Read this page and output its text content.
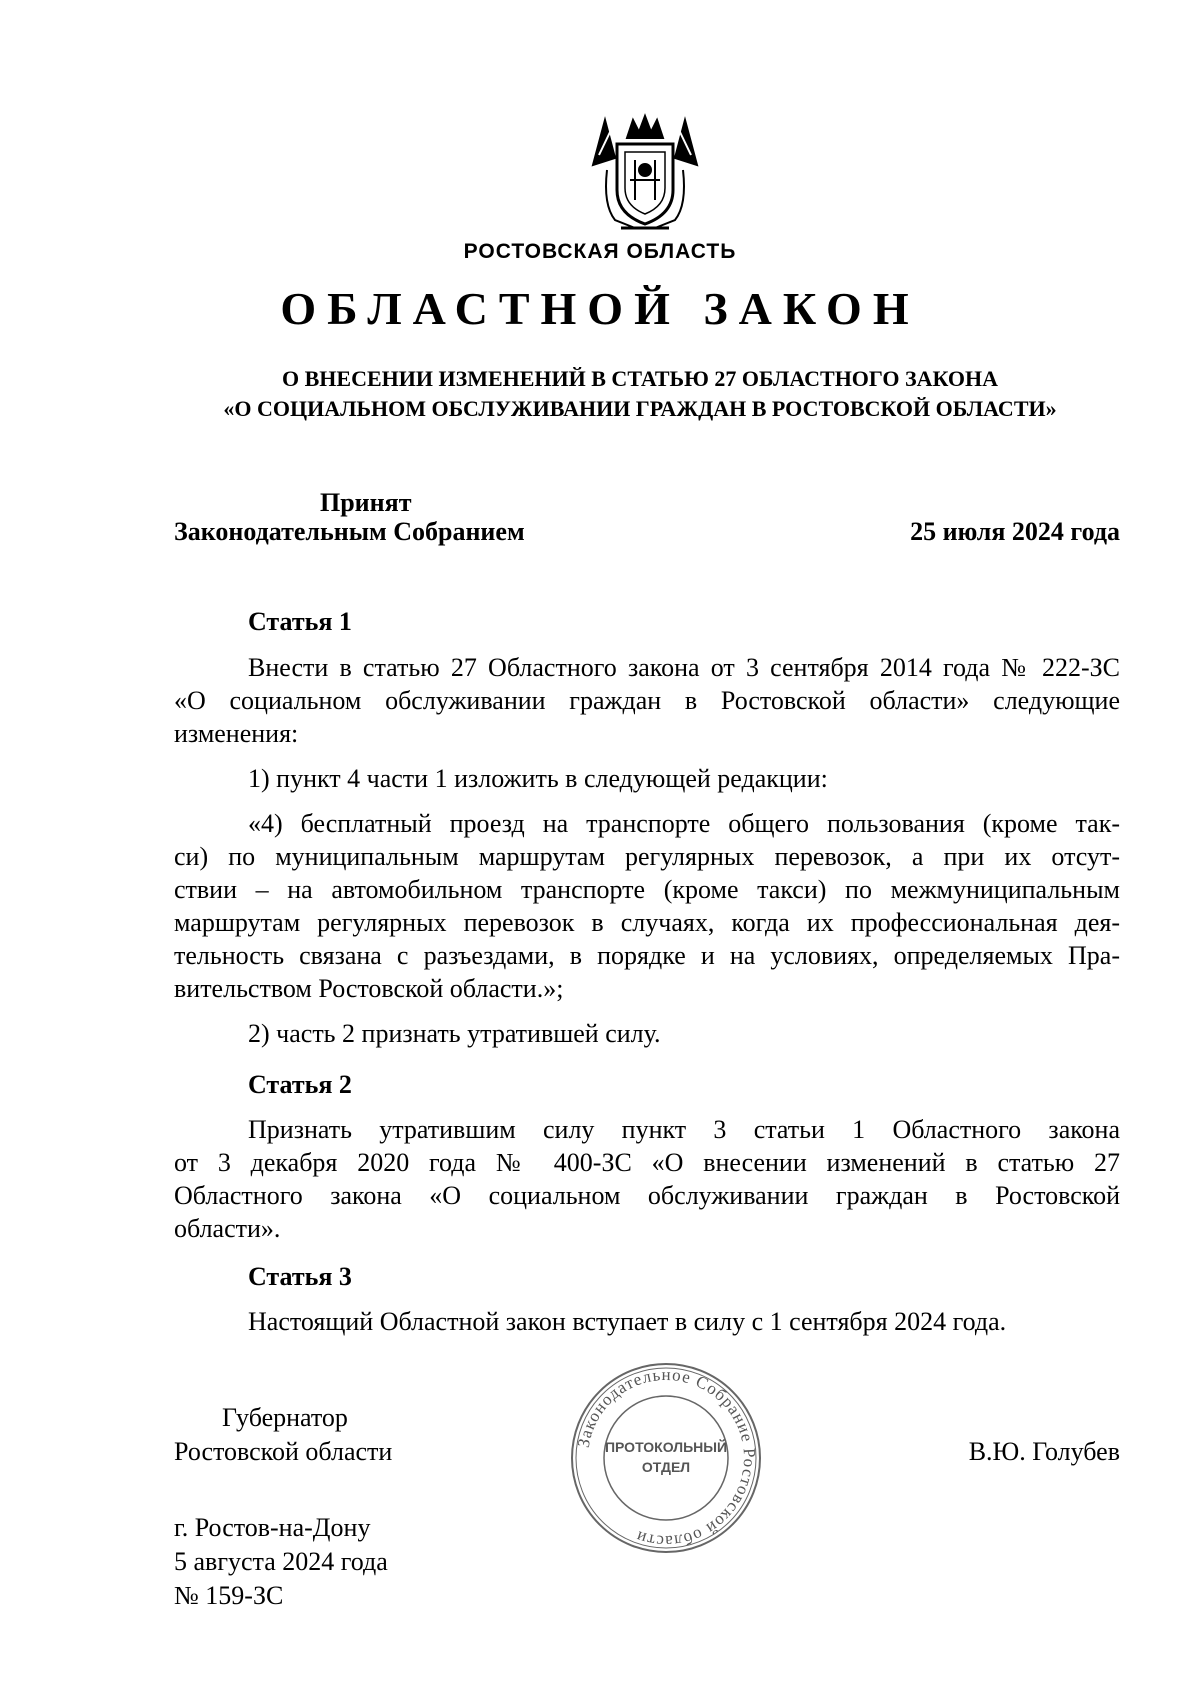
РОСТОВСКАЯ ОБЛАСТЬ
ОБЛАСТНОЙ ЗАКОН
О ВНЕСЕНИИ ИЗМЕНЕНИЙ В СТАТЬЮ 27 ОБЛАСТНОГО ЗАКОНА
«О СОЦИАЛЬНОМ ОБСЛУЖИВАНИИ ГРАЖДАН В РОСТОВСКОЙ ОБЛАСТИ»
Принят
Законодательным Собранием	25 июля 2024 года
Статья 1
Внести в статью 27 Областного закона от 3 сентября 2014 года № 222-ЗС
«О социальном обслуживании граждан в Ростовской области» следующие
изменения:
1) пункт 4 части 1 изложить в следующей редакции:
«4) бесплатный проезд на транспорте общего пользования (кроме так-
си) по муниципальным маршрутам регулярных перевозок, а при их отсут-
ствии – на автомобильном транспорте (кроме такси) по межмуниципальным
маршрутам регулярных перевозок в случаях, когда их профессиональная дея-
тельность связана с разъездами, в порядке и на условиях, определяемых Пра-
вительством Ростовской области.»;
2) часть 2 признать утратившей силу.
Статья 2
Признать утратившим силу пункт 3 статьи 1 Областного закона
от 3 декабря 2020 года № 400-ЗС «О внесении изменений в статью 27
Областного закона «О социальном обслуживании граждан в Ростовской
области».
Статья 3
Настоящий Областной закон вступает в силу с 1 сентября 2024 года.
Губернатор
Ростовской области	В.Ю. Голубев
г. Ростов-на-Дону
5 августа 2024 года
№ 159-ЗС
Законодательное Собрание Ростовской области
ПРОТОКОЛЬНЫЙ
ОТДЕЛ
